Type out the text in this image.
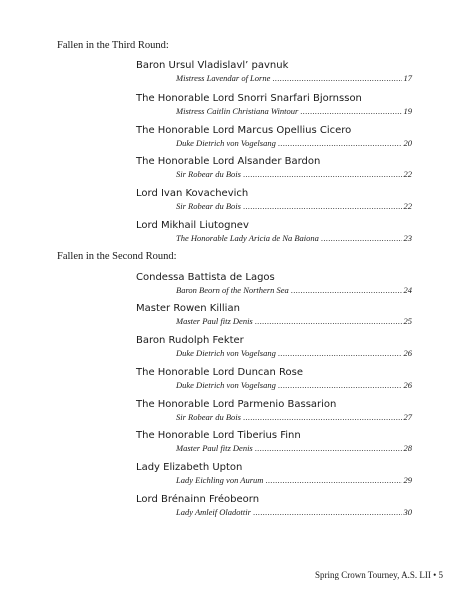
Fallen in the Third Round:
Baron Ursul Vladislavl’ pavnuk
Mistress Lavendar of Lorne .....	17
The Honorable Lord Snorri Snarfari Bjornsson
Mistress Caitlin Christiana Wintour .....	19
The Honorable Lord Marcus Opellius Cicero
Duke Dietrich von Vogelsang .....	20
The Honorable Lord Alsander Bardon
Sir Robear du Bois .....	22
Lord Ivan Kovachevich
Sir Robear du Bois .....	22
Lord Mikhail Liutognev
The Honorable Lady Aricia de Na Baiona .....	23
Fallen in the Second Round:
Condessa Battista de Lagos
Baron Beorn of the Northern Sea .....	24
Master Rowen Killian
Master Paul fitz Denis .....	25
Baron Rudolph Fekter
Duke Dietrich von Vogelsang .....	26
The Honorable Lord Duncan Rose
Duke Dietrich von Vogelsang .....	26
The Honorable Lord Parmenio Bassarion
Sir Robear du Bois .....	27
The Honorable Lord Tiberius Finn
Master Paul fitz Denis .....	28
Lady Elizabeth Upton
Lady Eichling von Aurum .....	29
Lord Brénainn Fréobeorn
Lady Amleif Oladottir .....	30
Spring Crown Tourney, A.S. LII • 5
